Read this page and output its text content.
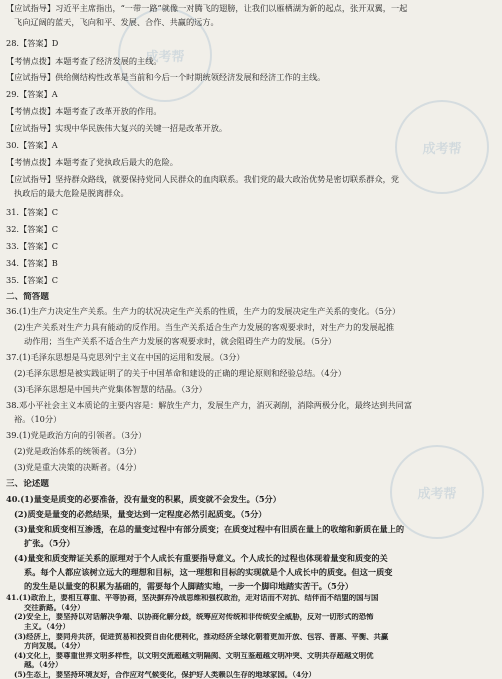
成考帮
成考帮
成考帮
【应试指导】习近平主席指出，“一带一路”就像一对腾飞的翅膀，让我们以雁栖湖为新的起点，张开双翼，一起
飞向辽阔的蓝天，飞向和平、发展、合作、共赢的远方。
28.【答案】D
【考情点拨】本题考查了经济发展的主线。
【应试指导】供给侧结构性改革是当前和今后一个时期统领经济发展和经济工作的主线。
29.【答案】A
【考情点拨】本题考查了改革开放的作用。
【应试指导】实现中华民族伟大复兴的关键一招是改革开放。
30.【答案】A
【考情点拨】本题考查了党执政后最大的危险。
【应试指导】坚持群众路线，就要保持党同人民群众的血肉联系。我们党的最大政治优势是密切联系群众，党
执政后的最大危险是脱离群众。
31.【答案】C
32.【答案】C
33.【答案】C
34.【答案】B
35.【答案】C
二、简答题
36.(1)生产力决定生产关系。生产力的状况决定生产关系的性质，生产力的发展决定生产关系的变化。（5分）
(2)生产关系对生产力具有能动的反作用。当生产关系适合生产力发展的客观要求时，对生产力的发展起推
动作用；当生产关系不适合生产力发展的客观要求时，就会阻碍生产力的发展。（5分）
37.(1)毛泽东思想是马克思列宁主义在中国的运用和发展。（3分）
(2)毛泽东思想是被实践证明了的关于中国革命和建设的正确的理论原则和经验总结。（4分）
(3)毛泽东思想是中国共产党集体智慧的结晶。（3分）
38.邓小平社会主义本质论的主要内容是：解放生产力，发展生产力，消灭剥削，消除两极分化，最终达到共同富
裕。（10分）
39.(1)党是政治方向的引领者。（3分）
(2)党是政治体系的统领者。（3分）
(3)党是重大决策的决断者。（4分）
三、论述题
40.(1)量变是质变的必要准备，没有量变的积累，质变就不会发生。（5分）
(2)质变是量变的必然结果，量变达到一定程度必然引起质变。（5分）
(3)量变和质变相互渗透，在总的量变过程中有部分质变；在质变过程中有旧质在量上的收缩和新质在量上的
扩张。（5分）
(4)量变和质变辩证关系的原理对于个人成长有重要指导意义。个人成长的过程也体现着量变和质变的关
系。每个人都应该树立远大的理想和目标，这一理想和目标的实现就是个人成长中的质变。但这一质变
的发生是以量变的积累为基础的，需要每个人脚踏实地，一步一个脚印地踏实苦干。（5分）
41.(1)政治上，要相互尊重、平等协商，坚决摒弃冷战思维和强权政治，走对话而不对抗、结伴而不结盟的国与国
交往新路。（4分）
(2)安全上，要坚持以对话解决争端、以协商化解分歧，统筹应对传统和非传统安全威胁，反对一切形式的恐怖
主义。（4分）
(3)经济上，要同舟共济，促进贸易和投资自由化便利化，推动经济全球化朝着更加开放、包容、普惠、平衡、共赢
方向发展。（4分）
(4)文化上，要尊重世界文明多样性，以文明交流超越文明隔阂、文明互鉴超越文明冲突、文明共存超越文明优
越。（4分）
(5)生态上，要坚持环境友好，合作应对气候变化，保护好人类赖以生存的地球家园。（4分）
